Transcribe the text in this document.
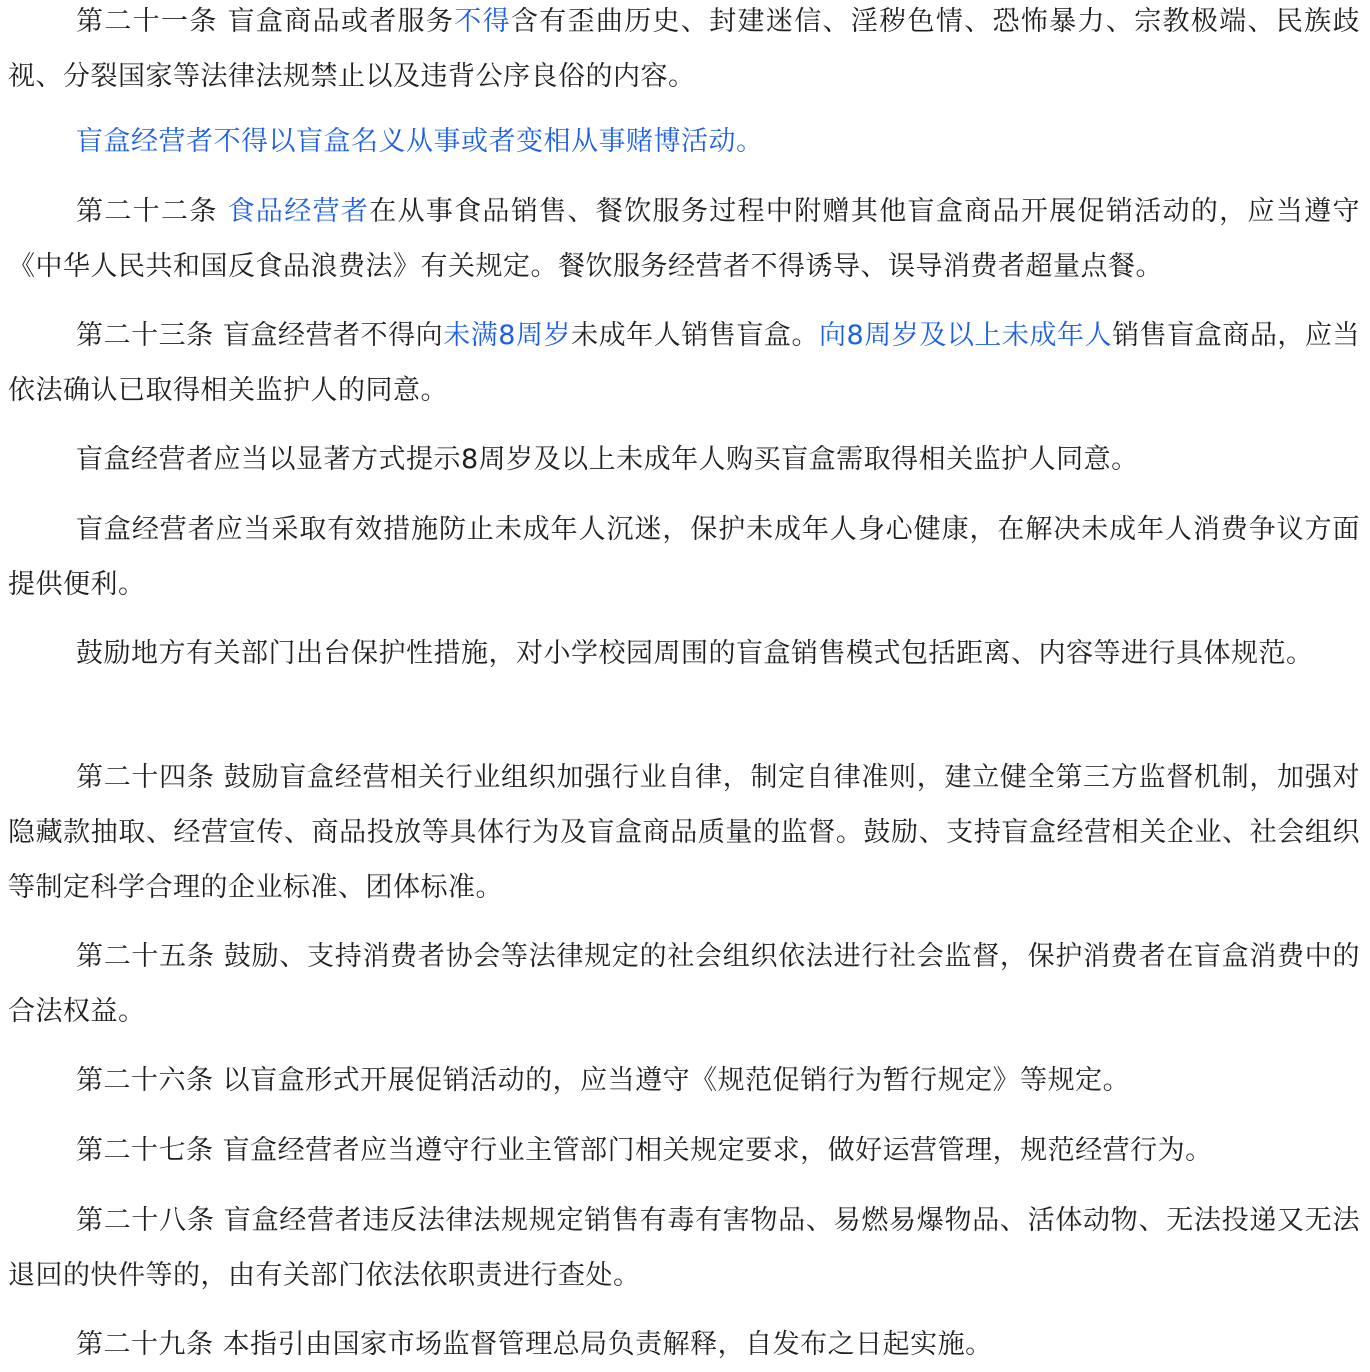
第二十一条 盲盒商品或者服务不得含有歪曲历史、封建迷信、淫秽色情、恐怖暴力、宗教极端、民族歧视、分裂国家等法律法规禁止以及违背公序良俗的内容。

盲盒经营者不得以盲盒名义从事或者变相从事赌博活动。

第二十二条 食品经营者在从事食品销售、餐饮服务过程中附赠其他盲盒商品开展促销活动的，应当遵守《中华人民共和国反食品浪费法》有关规定。餐饮服务经营者不得诱导、误导消费者超量点餐。

第二十三条 盲盒经营者不得向未满8周岁未成年人销售盲盒。向8周岁及以上未成年人销售盲盒商品，应当依法确认已取得相关监护人的同意。

盲盒经营者应当以显著方式提示8周岁及以上未成年人购买盲盒需取得相关监护人同意。

盲盒经营者应当采取有效措施防止未成年人沉迷，保护未成年人身心健康，在解决未成年人消费争议方面提供便利。

鼓励地方有关部门出台保护性措施，对小学校园周围的盲盒销售模式包括距离、内容等进行具体规范。

第二十四条 鼓励盲盒经营相关行业组织加强行业自律，制定自律准则，建立健全第三方监督机制，加强对隐藏款抽取、经营宣传、商品投放等具体行为及盲盒商品质量的监督。鼓励、支持盲盒经营相关企业、社会组织等制定科学合理的企业标准、团体标准。

第二十五条 鼓励、支持消费者协会等法律规定的社会组织依法进行社会监督，保护消费者在盲盒消费中的合法权益。

第二十六条 以盲盒形式开展促销活动的，应当遵守《规范促销行为暂行规定》等规定。

第二十七条 盲盒经营者应当遵守行业主管部门相关规定要求，做好运营管理，规范经营行为。

第二十八条 盲盒经营者违反法律法规规定销售有毒有害物品、易燃易爆物品、活体动物、无法投递又无法退回的快件等的，由有关部门依法依职责进行查处。

第二十九条 本指引由国家市场监督管理总局负责解释，自发布之日起实施。
